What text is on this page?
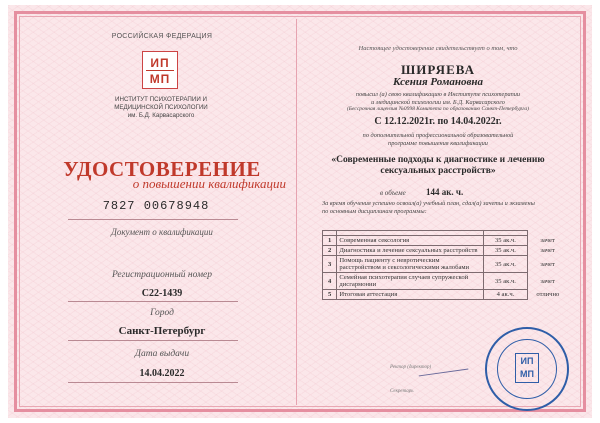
РОССИЙСКАЯ ФЕДЕРАЦИЯ
ИП
МП
ИНСТИТУТ ПСИХОТЕРАПИИ И
МЕДИЦИНСКОЙ ПСИХОЛОГИИ
им. Б.Д. Карвасарского
УДОСТОВЕРЕНИЕ
о повышении квалификации
7827 00678948
Документ о квалификации
Регистрационный номер
С22-1439
Город
Санкт-Петербург
Дата выдачи
14.04.2022
Настоящее удостоверение свидетельствует о том, что
ШИРЯЕВА
Ксения Романовна
повысил (а) свою квалификацию в Институте психотерапии
и медицинской психологии им. Б.Д. Карвасарского
(Бессрочная лицензия №0998 Комитета по образованию Санкт-Петербурга)
С 12.12.2021г. по 14.04.2022г.
по дополнительной профессиональной образовательной
программе повышения квалификации
«Современные подходы к диагностике и лечению сексуальных расстройств»
в объеме 144 ак. ч.
За время обучения успешно освоил(а) учебный план, сдал(а) зачеты и экзамены
по основным дисциплинам программы:

1	Современная сексология	35 ак.ч.	зачет
2	Диагностика и лечение сексуальных расстройств	35 ак.ч.	зачет
3	Помощь пациенту с невротическим расстройством и сексологическими жалобами	35 ак.ч.	зачет
4	Семейная психотерапия случаев супружеской дисгармонии	35 ак.ч.	зачет
5	Итоговая аттестация	4 ак.ч.	отлично
Ректор (директор)
Секретарь
ИП
МП
